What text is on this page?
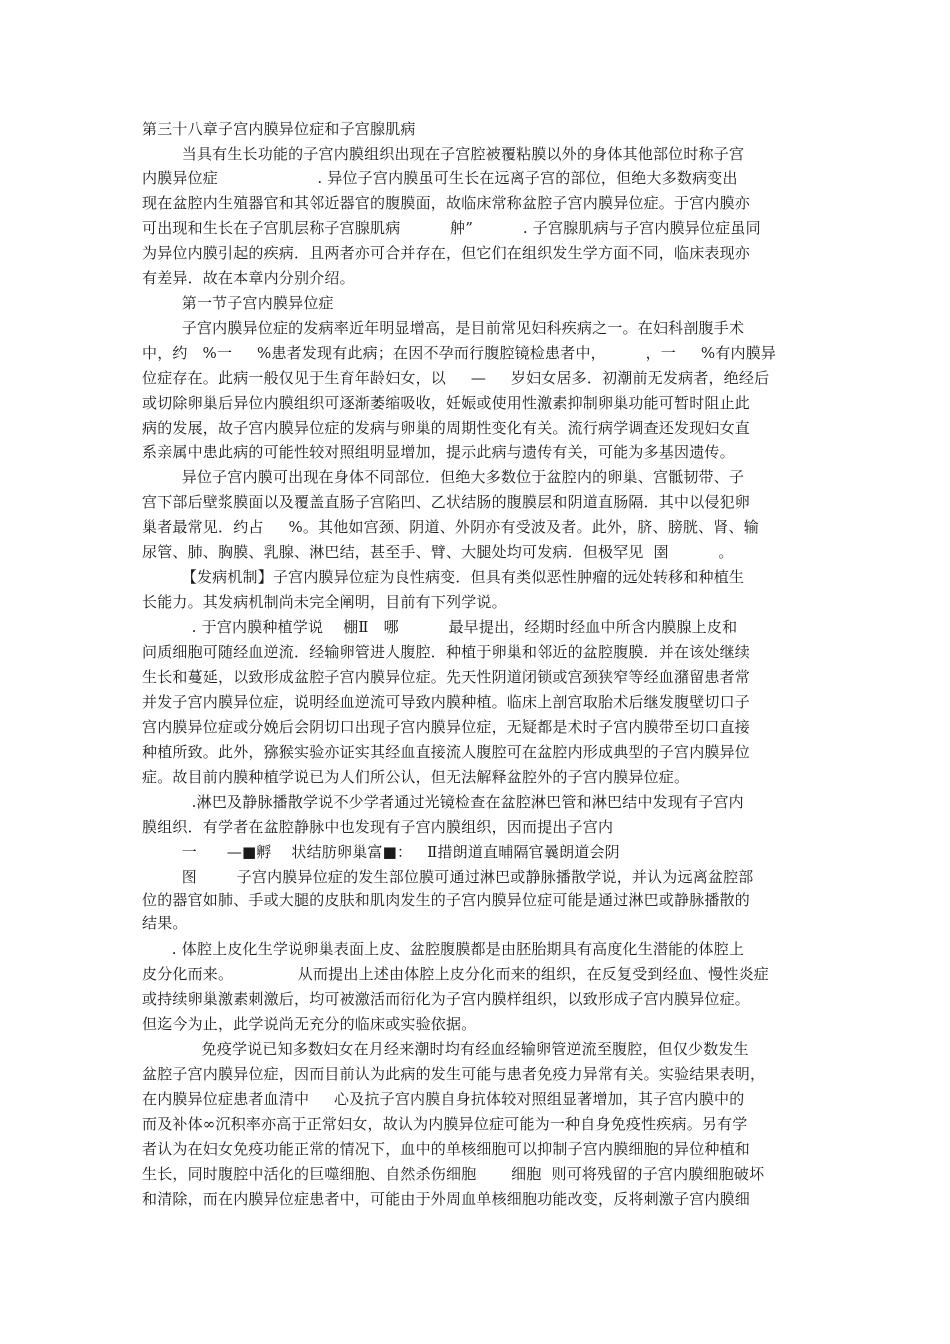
第三十八章子宫内膜异位症和子宫腺肌病
当具有生长功能的子宫内膜组织出现在子宫腔被覆粘膜以外的身体其他部位时称子宫
内膜异位症                    . 异位子宫内膜虽可生长在远离子宫的部位，但绝大多数病变出
现在盆腔内生殖器官和其邻近器官的腹膜面，故临床常称盆腔子宫内膜异位症。于宫内膜亦
可出现和生长在子宫肌层称子宫腺肌病          舯”          . 子宫腺肌病与子宫内膜异位症虽同
为异位内膜引起的疾病．且两者亦可合并存在，但它们在组织发生学方面不同，临床表现亦
有差异．故在本章内分别介绍。
第一节子宫内膜异位症
子宫内膜异位症的发病率近年明显增高，是目前常见妇科疾病之一。在妇科剖腹手术
中，约   %一     %患者发现有此病；在因不孕而行腹腔镜检患者中，        ，一     %有内膜异
位症存在。此病一般仅见于生育年龄妇女，以     —     岁妇女居多．初潮前无发病者，绝经后
或切除卵巢后异位内膜组织可逐渐萎缩吸收，妊娠或使用性激素抑制卵巢功能可暂时阻止此
病的发展，故子宫内膜异位症的发病与卵巢的周期性变化有关。流行病学调查还发现妇女直
系亲属中患此病的可能性较对照组明显增加，提示此病与遗传有关，可能为多基因遗传。
异位子宫内膜可出现在身体不同部位．但绝大多数位于盆腔内的卵巢、宫骶韧带、子
宫下部后壁浆膜面以及覆盖直肠子宫陷凹、乙状结肠的腹膜层和阴道直肠隔．其中以侵犯卵
巢者最常见．约占     %。其他如宫颈、阴道、外阴亦有受波及者。此外，脐、膀胱、肾、输
尿管、肺、胸膜、乳腺、淋巴结，甚至手、臂、大腿处均可发病．但极罕见  圉          。
【发病机制】子宫内膜异位症为良性病变．但具有类似恶性肿瘤的远处转移和种植生
长能力。其发病机制尚未完全阐明，目前有下列学说。
. 于宫内膜种植学说    棚Ⅱ   哪          最早提出，经期时经血中所含内膜腺上皮和
问质细胞可随经血逆流．经输卵管进人腹腔．种植于卵巢和邻近的盆腔腹膜．并在该处继续
生长和蔓延，以致形成盆腔子宫内膜异位症。先天性阴道闭锁或宫颈狭窄等经血潴留患者常
并发子宫内膜异位症，说明经血逆流可导致内膜种植。临床上剖宫取胎术后继发腹壁切口子
宫内膜异位症或分娩后会阴切口出现子宫内膜异位症，无疑都是术时子宫内膜带至切口直接
种植所致。此外，猕猴实验亦证实其经血直接流人腹腔可在盆腔内形成典型的子宫内膜异位
症。故目前内膜种植学说已为人们所公认，但无法解释盆腔外的子宫内膜异位症。
.淋巴及静脉播散学说不少学者通过光镜检查在盆腔淋巴管和淋巴结中发现有子宫内
膜组织．有学者在盆腔静脉中也发现有子宫内膜组织，因而提出子宫内
一      —■孵    状结肪卵巢富■：   Ⅱ措朗道直晡隔官曩朗道会阴
图        子宫内膜异位症的发生部位膜可通过淋巴或静脉播散学说，并认为远离盆腔部
位的器官如肺、手或大腿的皮肤和肌肉发生的子宫内膜异位症可能是通过淋巴或静脉播散的
结果。
. 体腔上皮化生学说卵巢表面上皮、盆腔腹膜都是由胚胎期具有高度化生潜能的体腔上
皮分化而来。             从而提出上述由体腔上皮分化而来的组织，在反复受到经血、慢性炎症
或持续卵巢激素刺激后，均可被激活而衍化为子宫内膜样组织，以致形成子宫内膜异位症。
但迄今为止，此学说尚无充分的临床或实验依据。
免疫学说已知多数妇女在月经来潮时均有经血经输卵管逆流至腹腔，但仅少数发生
盆腔子宫内膜异位症，因而目前认为此病的发生可能与患者免疫力异常有关。实验结果表明，
在内膜异位症患者血清中     心及抗子宫内膜自身抗体较对照组显著增加，其子宫内膜中的
而及补体∞沉积率亦高于正常妇女，故认为内膜异位症可能为一种自身免疫性疾病。另有学
者认为在妇女免疫功能正常的情况下，血中的单核细胞可以抑制子宫内膜细胞的异位种植和
生长，同时腹腔中活化的巨噬细胞、自然杀伤细胞       细胞  则可将残留的子宫内膜细胞破坏
和清除，而在内膜异位症患者中，可能由于外周血单核细胞功能改变，反将刺激子宫内膜细
